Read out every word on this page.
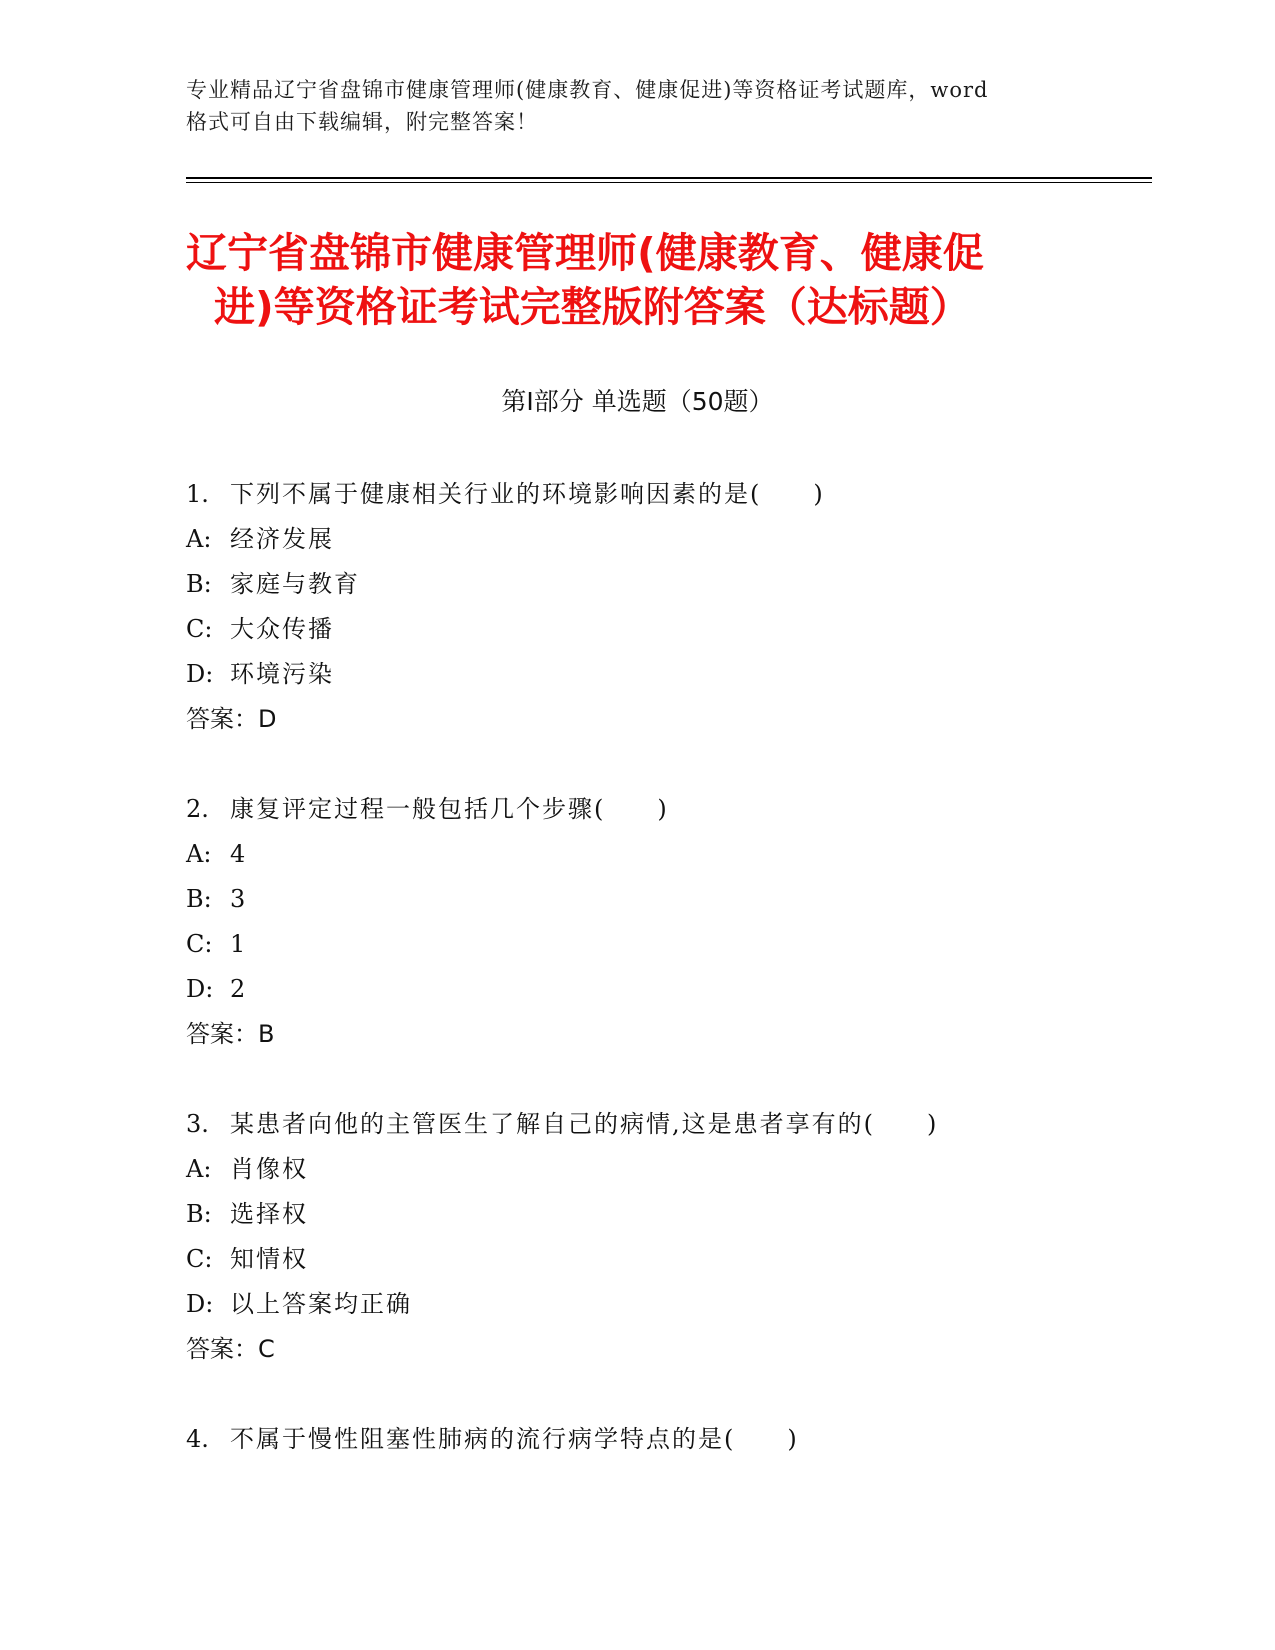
专业精品辽宁省盘锦市健康管理师(健康教育、健康促进)等资格证考试题库，word
格式可自由下载编辑，附完整答案！
辽宁省盘锦市健康管理师(健康教育、健康促
进)等资格证考试完整版附答案（达标题）
第Ⅰ部分 单选题（50题）
1. 下列不属于健康相关行业的环境影响因素的是(　　)
A: 经济发展
B: 家庭与教育
C: 大众传播
D: 环境污染
答案：D
2. 康复评定过程一般包括几个步骤(　　)
A: 4
B: 3
C: 1
D: 2
答案：B
3. 某患者向他的主管医生了解自己的病情,这是患者享有的(　　)
A: 肖像权
B: 选择权
C: 知情权
D: 以上答案均正确
答案：C
4. 不属于慢性阻塞性肺病的流行病学特点的是(　　)
